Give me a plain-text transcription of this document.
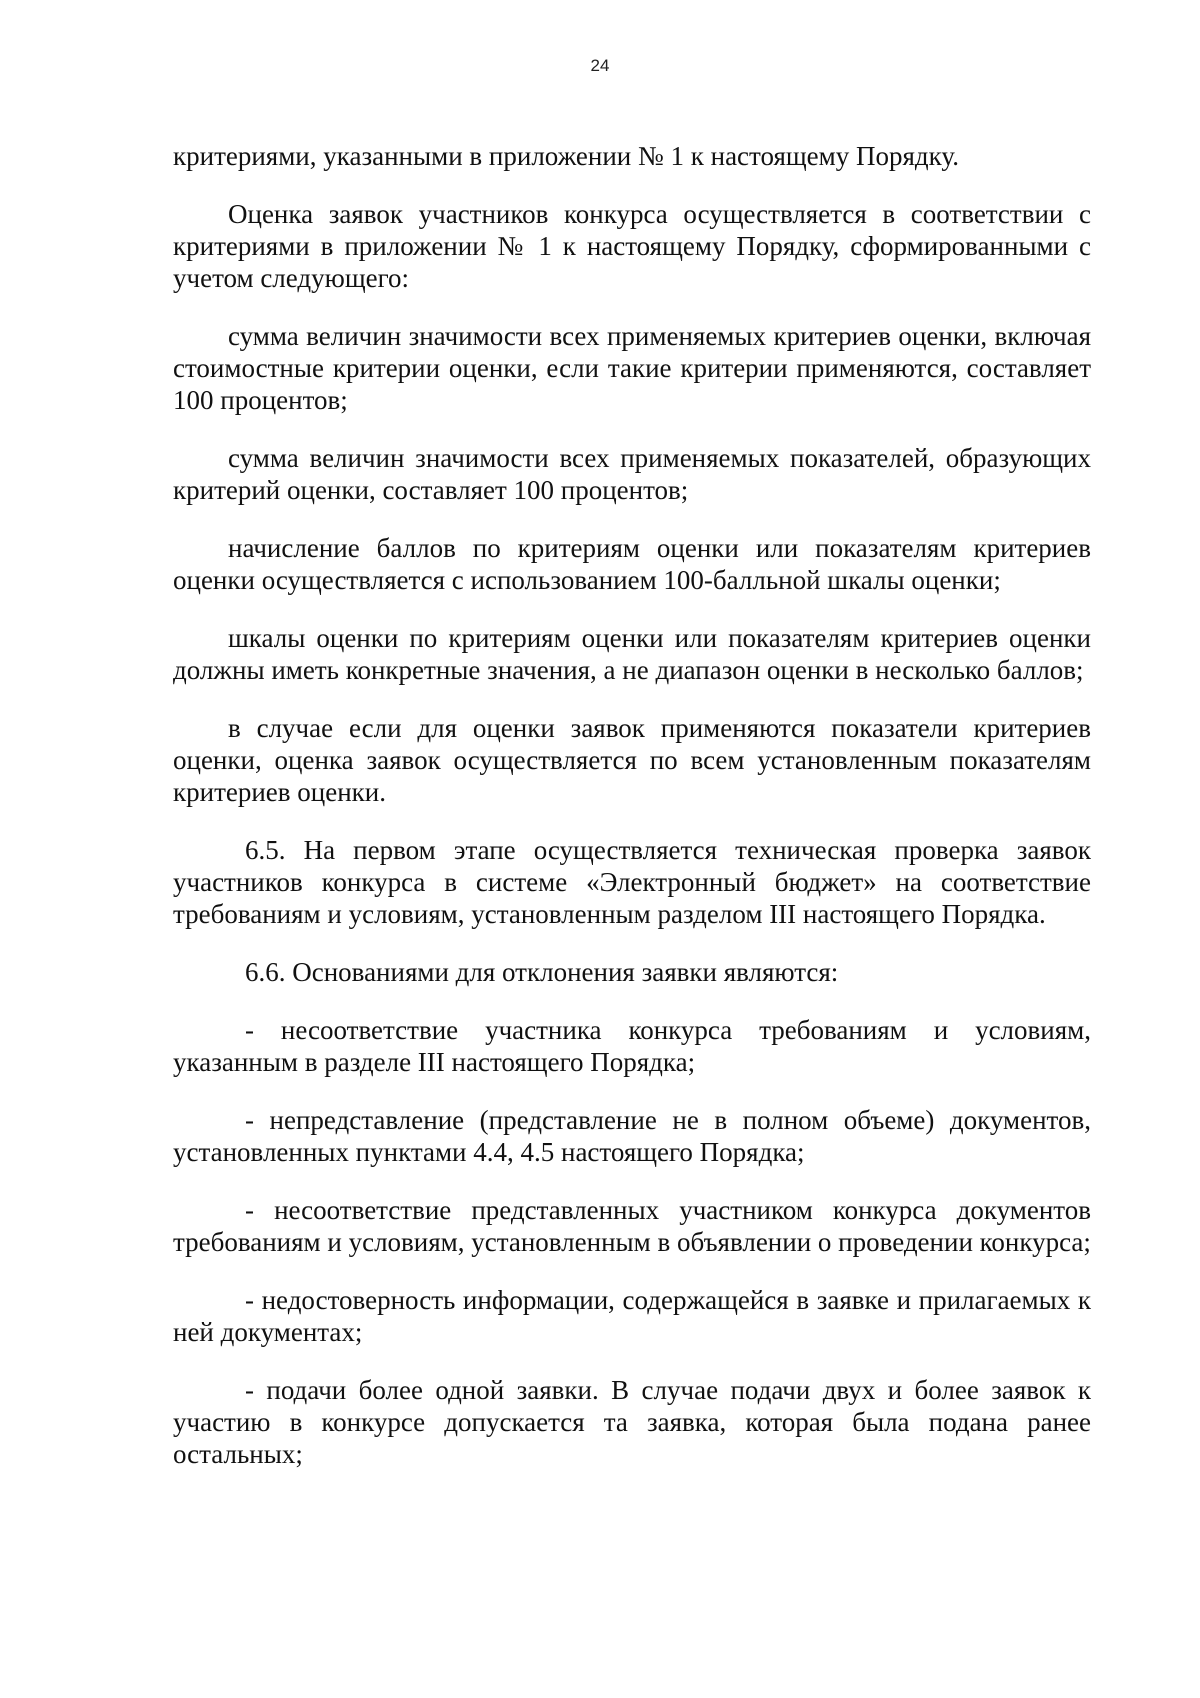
24

критериями, указанными в приложении № 1 к настоящему Порядку.

Оценка заявок участников конкурса осуществляется в соответствии с критериями в приложении № 1 к настоящему Порядку, сформированными с учетом следующего:

сумма величин значимости всех применяемых критериев оценки, включая стоимостные критерии оценки, если такие критерии применяются, составляет 100 процентов;

сумма величин значимости всех применяемых показателей, образующих критерий оценки, составляет 100 процентов;

начисление баллов по критериям оценки или показателям критериев оценки осуществляется с использованием 100-балльной шкалы оценки;

шкалы оценки по критериям оценки или показателям критериев оценки должны иметь конкретные значения, а не диапазон оценки в несколько баллов;

в случае если для оценки заявок применяются показатели критериев оценки, оценка заявок осуществляется по всем установленным показателям критериев оценки.

6.5. На первом этапе осуществляется техническая проверка заявок участников конкурса в системе «Электронный бюджет» на соответствие требованиям и условиям, установленным разделом III настоящего Порядка.

6.6. Основаниями для отклонения заявки являются:

- несоответствие участника конкурса требованиям и условиям, указанным в разделе III настоящего Порядка;

- непредставление (представление не в полном объеме) документов, установленных пунктами 4.4, 4.5 настоящего Порядка;

- несоответствие представленных участником конкурса документов требованиям и условиям, установленным в объявлении о проведении конкурса;

- недостоверность информации, содержащейся в заявке и прилагаемых к ней документах;

- подачи более одной заявки. В случае подачи двух и более заявок к участию в конкурсе допускается та заявка, которая была подана ранее остальных;
